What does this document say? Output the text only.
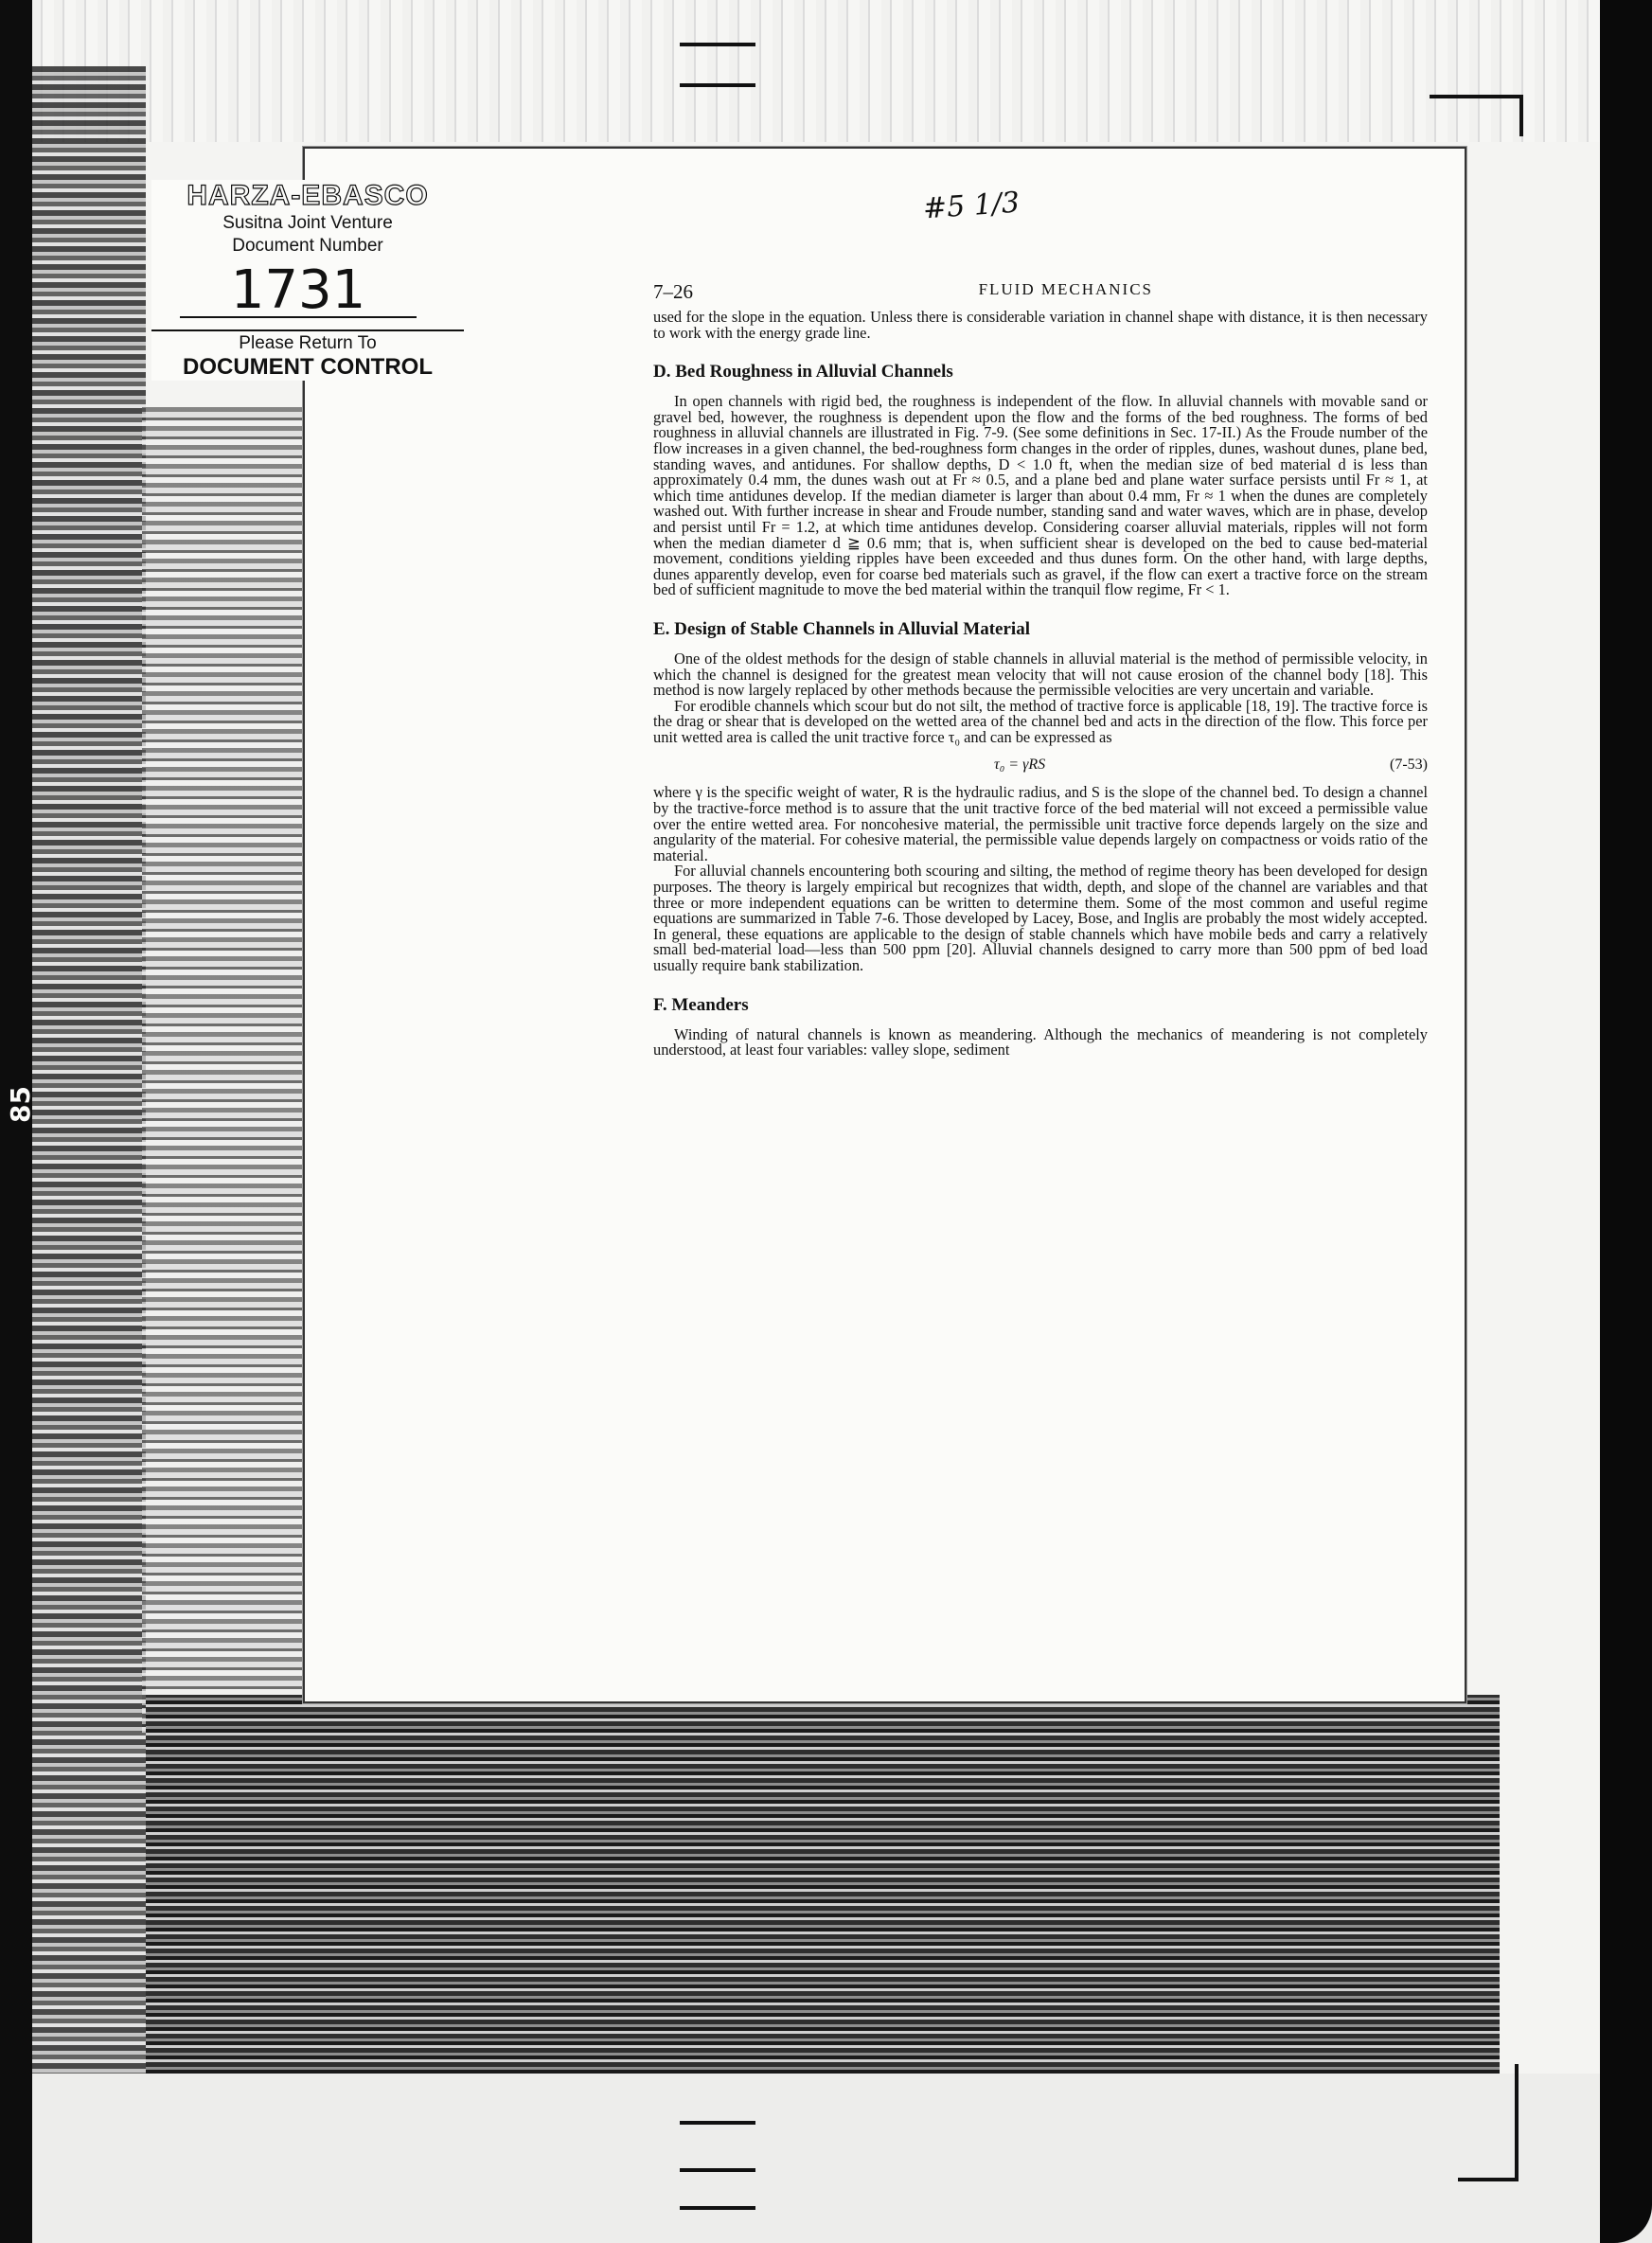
85
HARZA-EBASCO
Susitna Joint Venture
Document Number
1731
Please Return To
DOCUMENT CONTROL
#5 1/3
7–26	FLUID MECHANICS

used for the slope in the equation. Unless there is considerable variation in channel shape with distance, it is then necessary to work with the energy grade line.

D. Bed Roughness in Alluvial Channels

In open channels with rigid bed, the roughness is independent of the flow. In alluvial channels with movable sand or gravel bed, however, the roughness is dependent upon the flow and the forms of the bed roughness. The forms of bed roughness in alluvial channels are illustrated in Fig. 7-9. (See some definitions in Sec. 17-II.) As the Froude number of the flow increases in a given channel, the bed-roughness form changes in the order of ripples, dunes, washout dunes, plane bed, standing waves, and antidunes. For shallow depths, D < 1.0 ft, when the median size of bed material d is less than approximately 0.4 mm, the dunes wash out at Fr ≈ 0.5, and a plane bed and plane water surface persists until Fr ≈ 1, at which time antidunes develop. If the median diameter is larger than about 0.4 mm, Fr ≈ 1 when the dunes are completely washed out. With further increase in shear and Froude number, standing sand and water waves, which are in phase, develop and persist until Fr = 1.2, at which time antidunes develop. Considering coarser alluvial materials, ripples will not form when the median diameter d ≧ 0.6 mm; that is, when sufficient shear is developed on the bed to cause bed-material movement, conditions yielding ripples have been exceeded and thus dunes form. On the other hand, with large depths, dunes apparently develop, even for coarse bed materials such as gravel, if the flow can exert a tractive force on the stream bed of sufficient magnitude to move the bed material within the tranquil flow regime, Fr < 1.

E. Design of Stable Channels in Alluvial Material

One of the oldest methods for the design of stable channels in alluvial material is the method of permissible velocity, in which the channel is designed for the greatest mean velocity that will not cause erosion of the channel body [18]. This method is now largely replaced by other methods because the permissible velocities are very uncertain and variable.

For erodible channels which scour but do not silt, the method of tractive force is applicable [18, 19]. The tractive force is the drag or shear that is developed on the wetted area of the channel bed and acts in the direction of the flow. This force per unit wetted area is called the unit tractive force τ₀ and can be expressed as

τ₀ = γRS	(7-53)

where γ is the specific weight of water, R is the hydraulic radius, and S is the slope of the channel bed. To design a channel by the tractive-force method is to assure that the unit tractive force of the bed material will not exceed a permissible value over the entire wetted area. For noncohesive material, the permissible unit tractive force depends largely on the size and angularity of the material. For cohesive material, the permissible value depends largely on compactness or voids ratio of the material.

For alluvial channels encountering both scouring and silting, the method of regime theory has been developed for design purposes. The theory is largely empirical but recognizes that width, depth, and slope of the channel are variables and that three or more independent equations can be written to determine them. Some of the most common and useful regime equations are summarized in Table 7-6. Those developed by Lacey, Bose, and Inglis are probably the most widely accepted. In general, these equations are applicable to the design of stable channels which have mobile beds and carry a relatively small bed-material load—less than 500 ppm [20]. Alluvial channels designed to carry more than 500 ppm of bed load usually require bank stabilization.

F. Meanders

Winding of natural channels is known as meandering. Although the mechanics of meandering is not completely understood, at least four variables: valley slope, sediment
